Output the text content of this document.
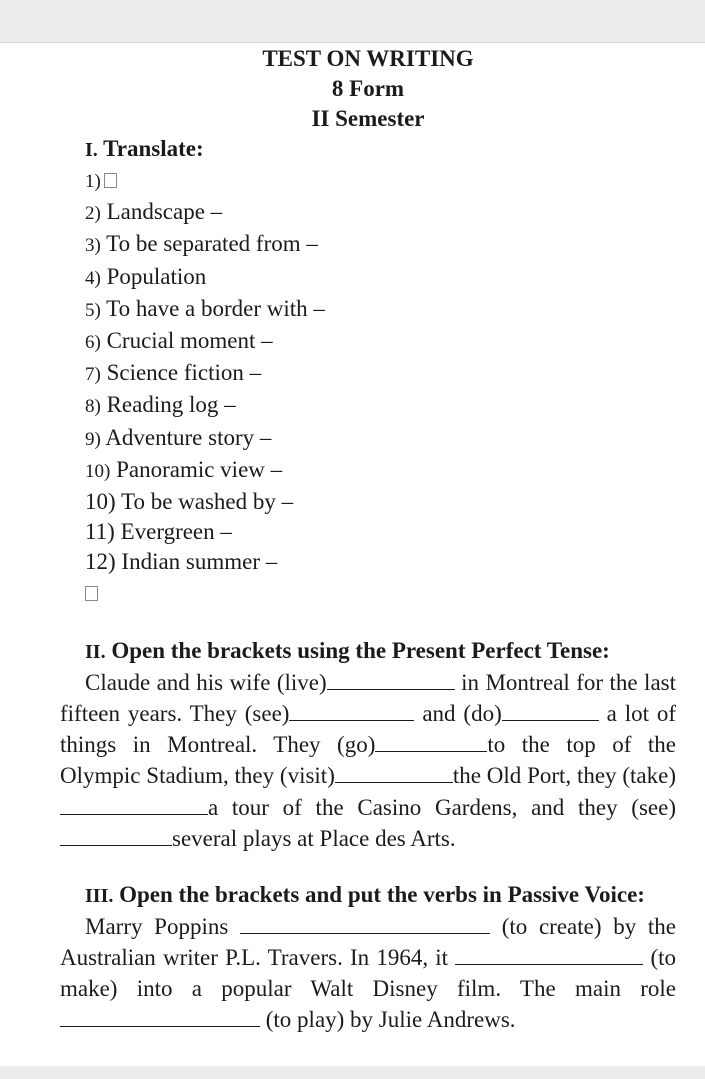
TEST ON WRITING
8 Form
II Semester
I. Translate:
1)
2) Landscape –
3) To be separated from –
4) Population
5) To have a border with –
6) Crucial moment –
7) Science fiction –
8) Reading log –
9) Adventure story –
10) Panoramic view –
10) To be washed by –
11) Evergreen –
12) Indian summer –
II. Open the brackets using the Present Perfect Tense:

Claude and his wife (live)	in Montreal for the last fifteen years. They (see)	and (do)	a lot of things in Montreal. They (go)	to the top of the Olympic Stadium, they (visit)	the Old Port, they (take)a tour of the Casino Gardens, and they (see)several plays at Place des Arts.

III. Open the brackets and put the verbs in Passive Voice:

Marry Poppins	(to create) by the Australian writer P.L. Travers. In 1964, it	(to make) into a popular Walt Disney film. The main role  (to play) by Julie Andrews.
